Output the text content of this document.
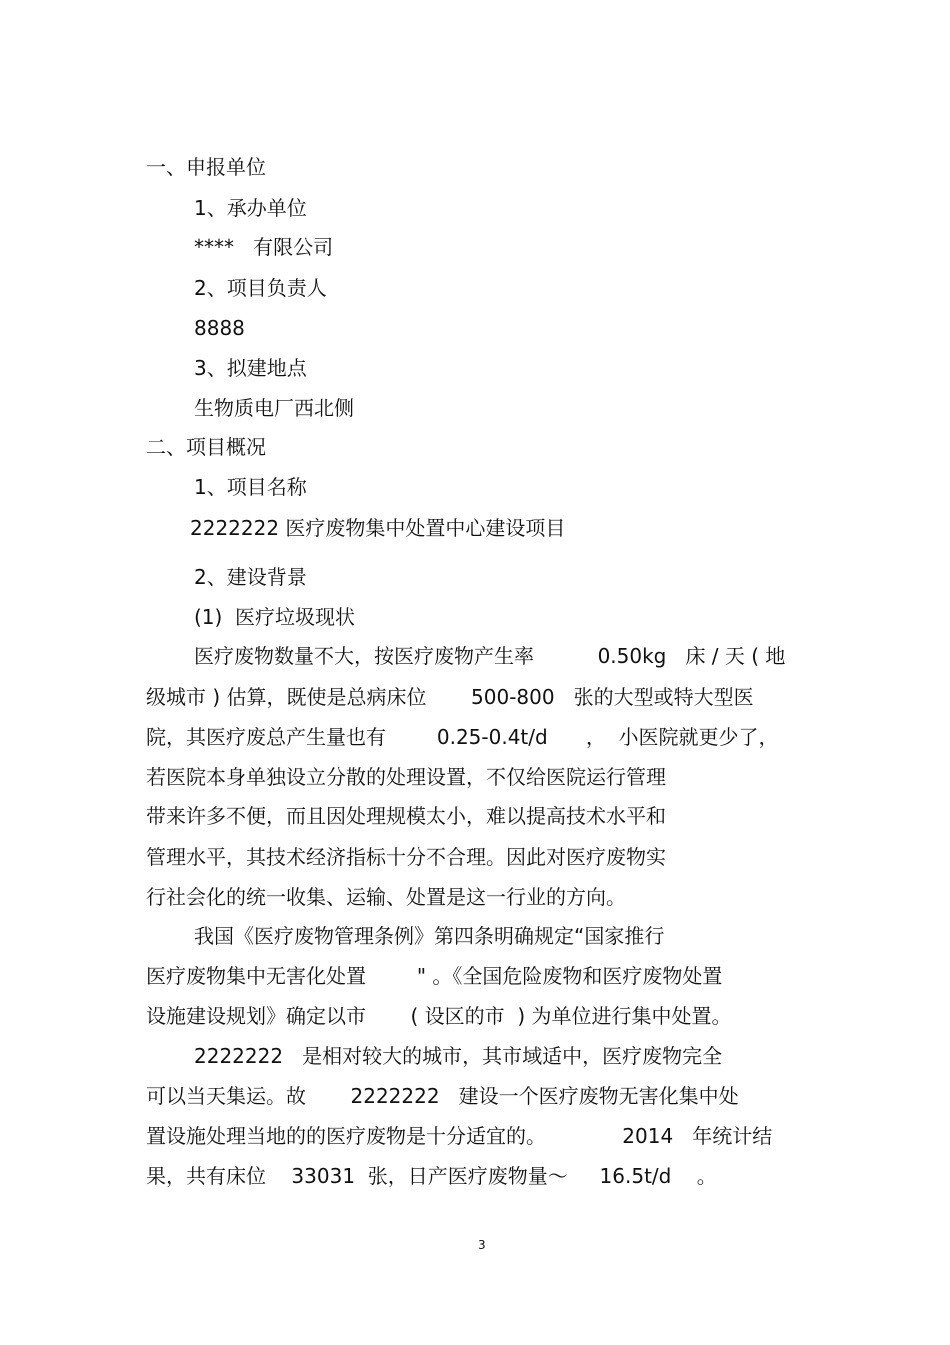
一、申报单位
1、承办单位
****   有限公司
2、项目负责人
8888
3、拟建地点
生物质电厂西北侧
二、项目概况
1、项目名称
2222222 医疗废物集中处置中心建设项目
2、建设背景
(1)  医疗垃圾现状
医疗废物数量不大，按医疗废物产生率          0.50kg   床 / 天 ( 地
级城市 ) 估算，既使是总病床位       500-800   张的大型或特大型医
院，其医疗废总产生量也有        0.25-0.4t/d      ，  小医院就更少了，
若医院本身单独设立分散的处理设置，不仅给医院运行管理
带来许多不便，而且因处理规模太小，难以提高技术水平和
管理水平，其技术经济指标十分不合理。因此对医疗废物实
行社会化的统一收集、运输、处置是这一行业的方向。
我国《医疗废物管理条例》第四条明确规定“国家推行
医疗废物集中无害化处置        " 。《全国危险废物和医疗废物处置
设施建设规划》确定以市       ( 设区的市  ) 为单位进行集中处置。
2222222   是相对较大的城市，其市域适中，医疗废物完全
可以当天集运。故       2222222   建设一个医疗废物无害化集中处
置设施处理当地的的医疗废物是十分适宜的。            2014   年统计结
果，共有床位    33031  张，日产医疗废物量～     16.5t/d    。
3
